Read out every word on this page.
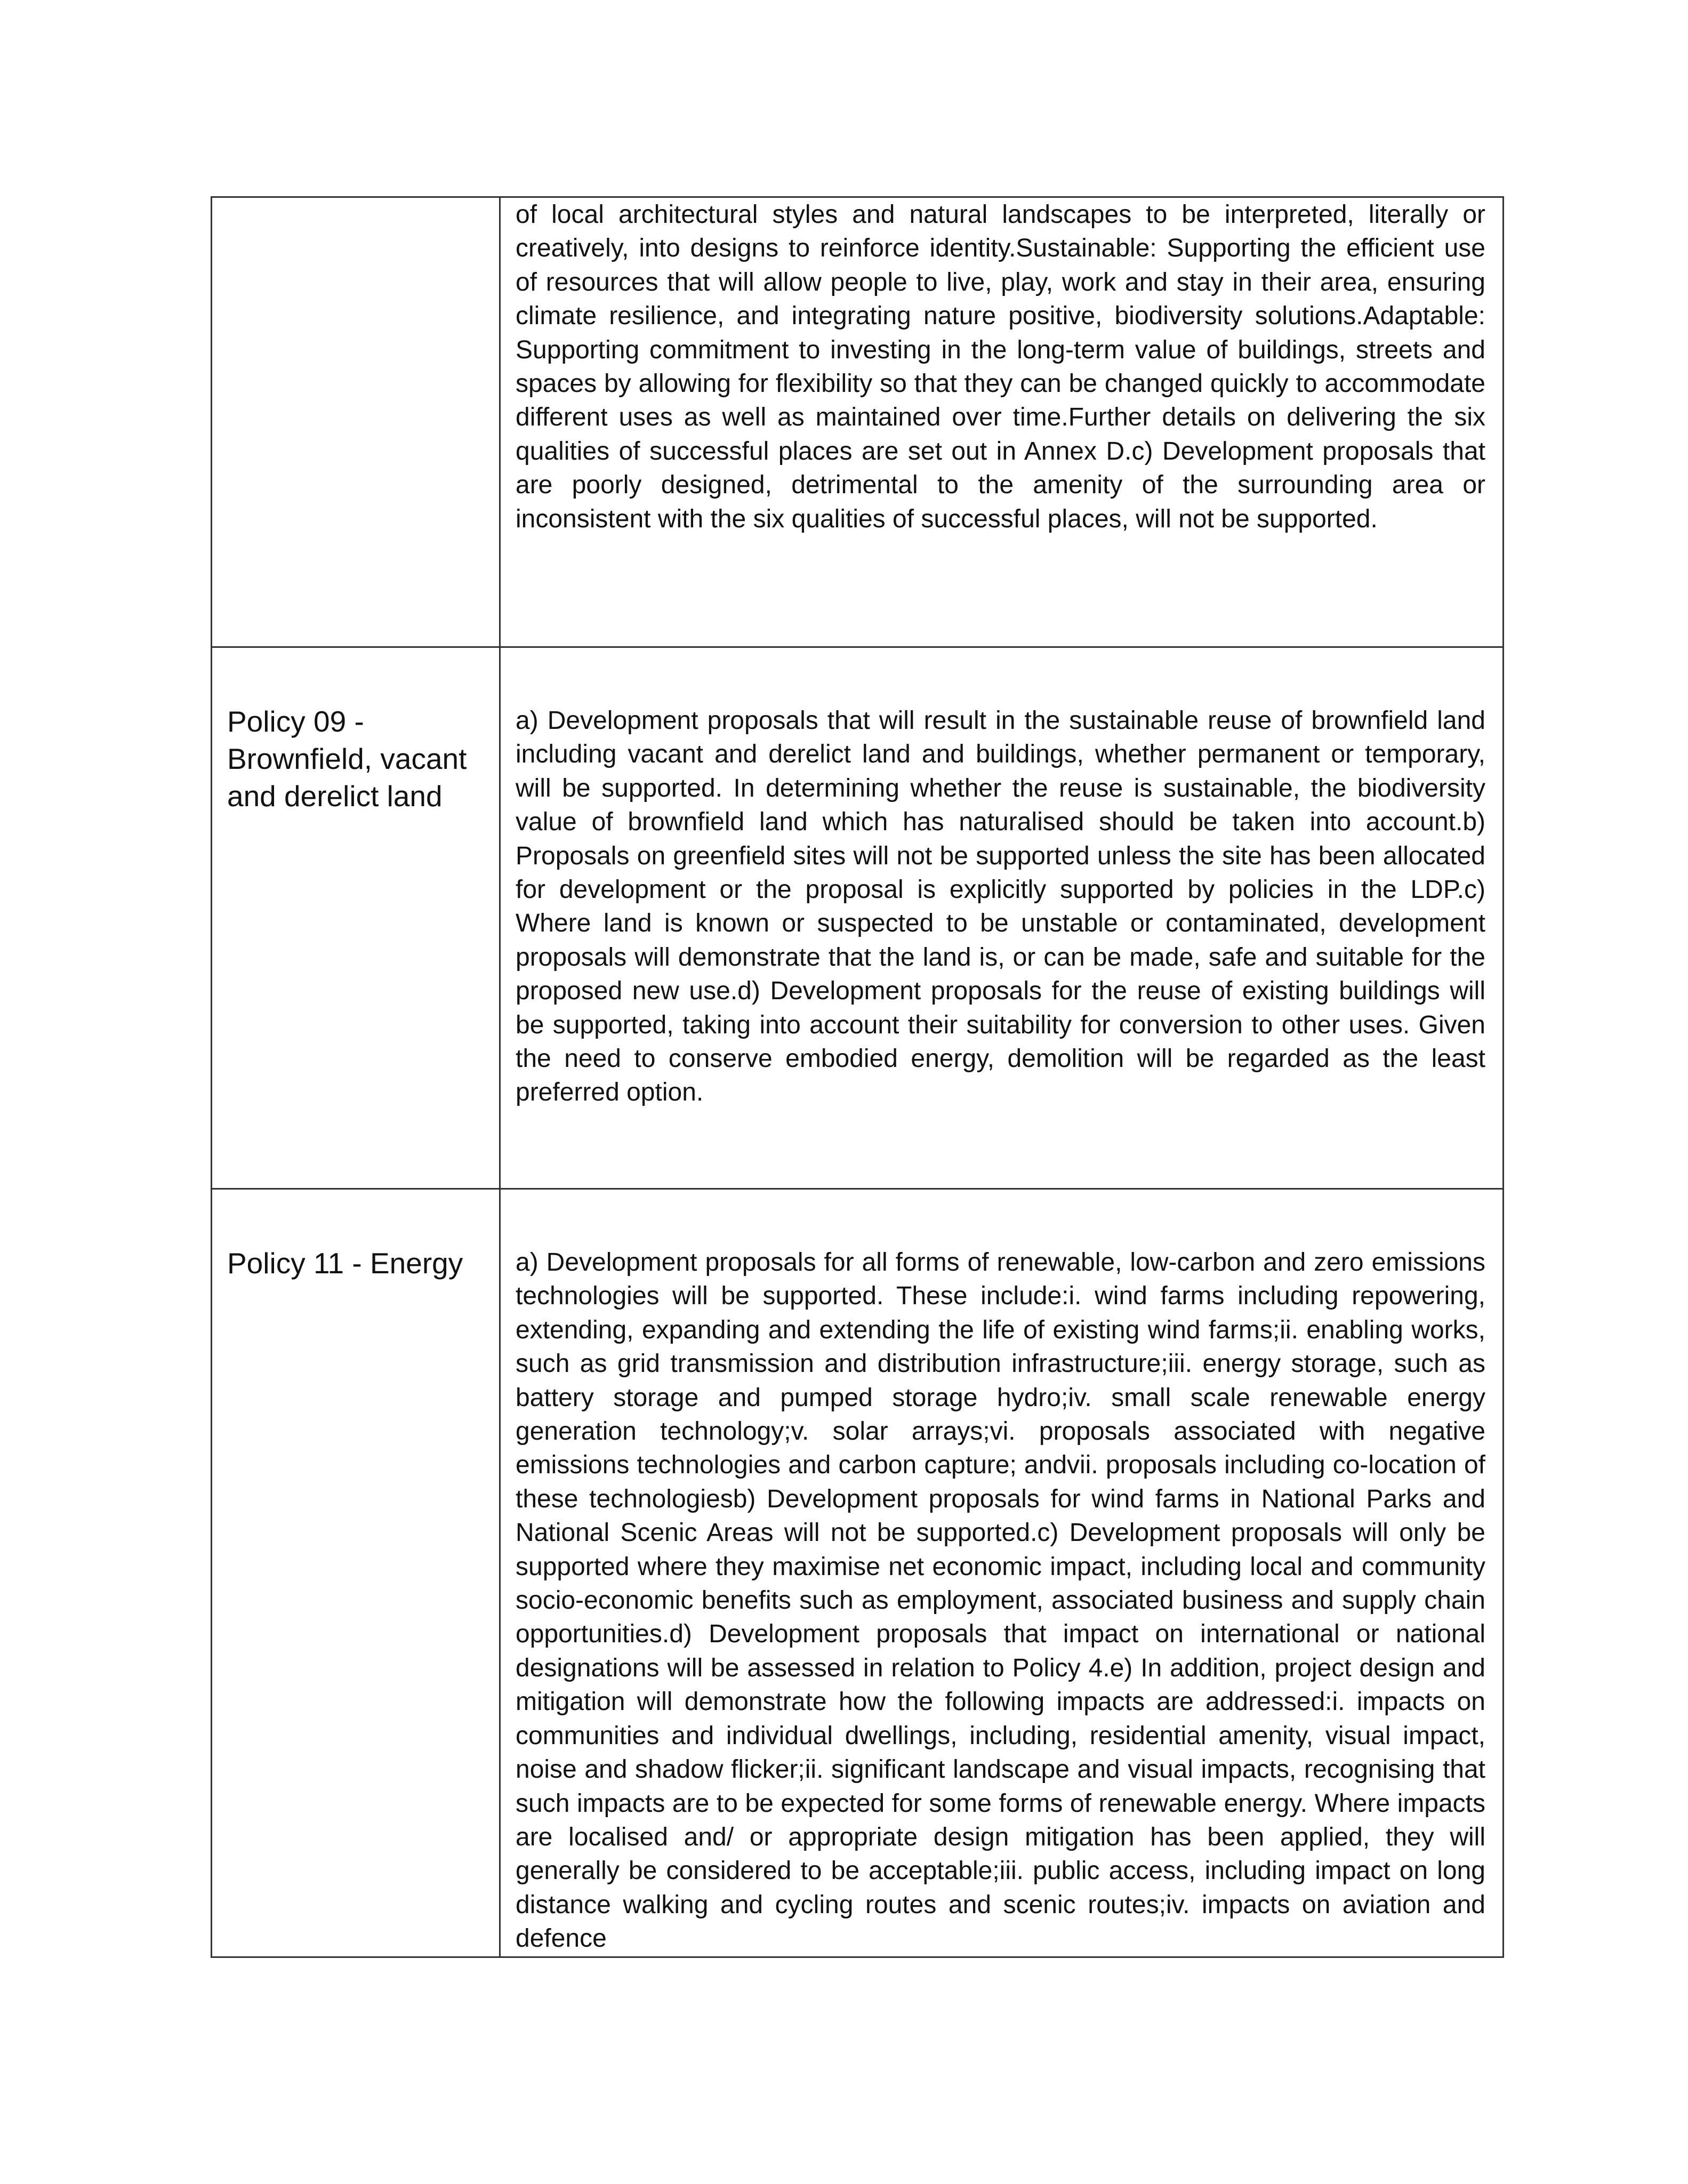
	of local architectural styles and natural landscapes to be interpreted, literally or creatively, into designs to reinforce identity.Sustainable: Supporting the efficient use of resources that will allow people to live, play, work and stay in their area, ensuring climate resilience, and integrating nature positive, biodiversity solutions.Adaptable: Supporting commitment to investing in the long-term value of buildings, streets and spaces by allowing for flexibility so that they can be changed quickly to accommodate different uses as well as maintained over time.Further details on delivering the six qualities of successful places are set out in Annex D.c) Development proposals that are poorly designed, detrimental to the amenity of the surrounding area or inconsistent with the six qualities of successful places, will not be supported.

Policy 09 - Brownfield, vacant and derelict land	a) Development proposals that will result in the sustainable reuse of brownfield land including vacant and derelict land and buildings, whether permanent or temporary, will be supported. In determining whether the reuse is sustainable, the biodiversity value of brownfield land which has naturalised should be taken into account.b) Proposals on greenfield sites will not be supported unless the site has been allocated for development or the proposal is explicitly supported by policies in the LDP.c) Where land is known or suspected to be unstable or contaminated, development proposals will demonstrate that the land is, or can be made, safe and suitable for the proposed new use.d) Development proposals for the reuse of existing buildings will be supported, taking into account their suitability for conversion to other uses. Given the need to conserve embodied energy, demolition will be regarded as the least preferred option.

Policy 11 - Energy	a) Development proposals for all forms of renewable, low-carbon and zero emissions technologies will be supported. These include:i. wind farms including repowering, extending, expanding and extending the life of existing wind farms;ii. enabling works, such as grid transmission and distribution infrastructure;iii. energy storage, such as battery storage and pumped storage hydro;iv. small scale renewable energy generation technology;v. solar arrays;vi. proposals associated with negative emissions technologies and carbon capture; andvii. proposals including co-location of these technologiesb) Development proposals for wind farms in National Parks and National Scenic Areas will not be supported.c) Development proposals will only be supported where they maximise net economic impact, including local and community socio-economic benefits such as employment, associated business and supply chain opportunities.d) Development proposals that impact on international or national designations will be assessed in relation to Policy 4.e) In addition, project design and mitigation will demonstrate how the following impacts are addressed:i. impacts on communities and individual dwellings, including, residential amenity, visual impact, noise and shadow flicker;ii. significant landscape and visual impacts, recognising that such impacts are to be expected for some forms of renewable energy. Where impacts are localised and/ or appropriate design mitigation has been applied, they will generally be considered to be acceptable;iii. public access, including impact on long distance walking and cycling routes and scenic routes;iv. impacts on aviation and defence
